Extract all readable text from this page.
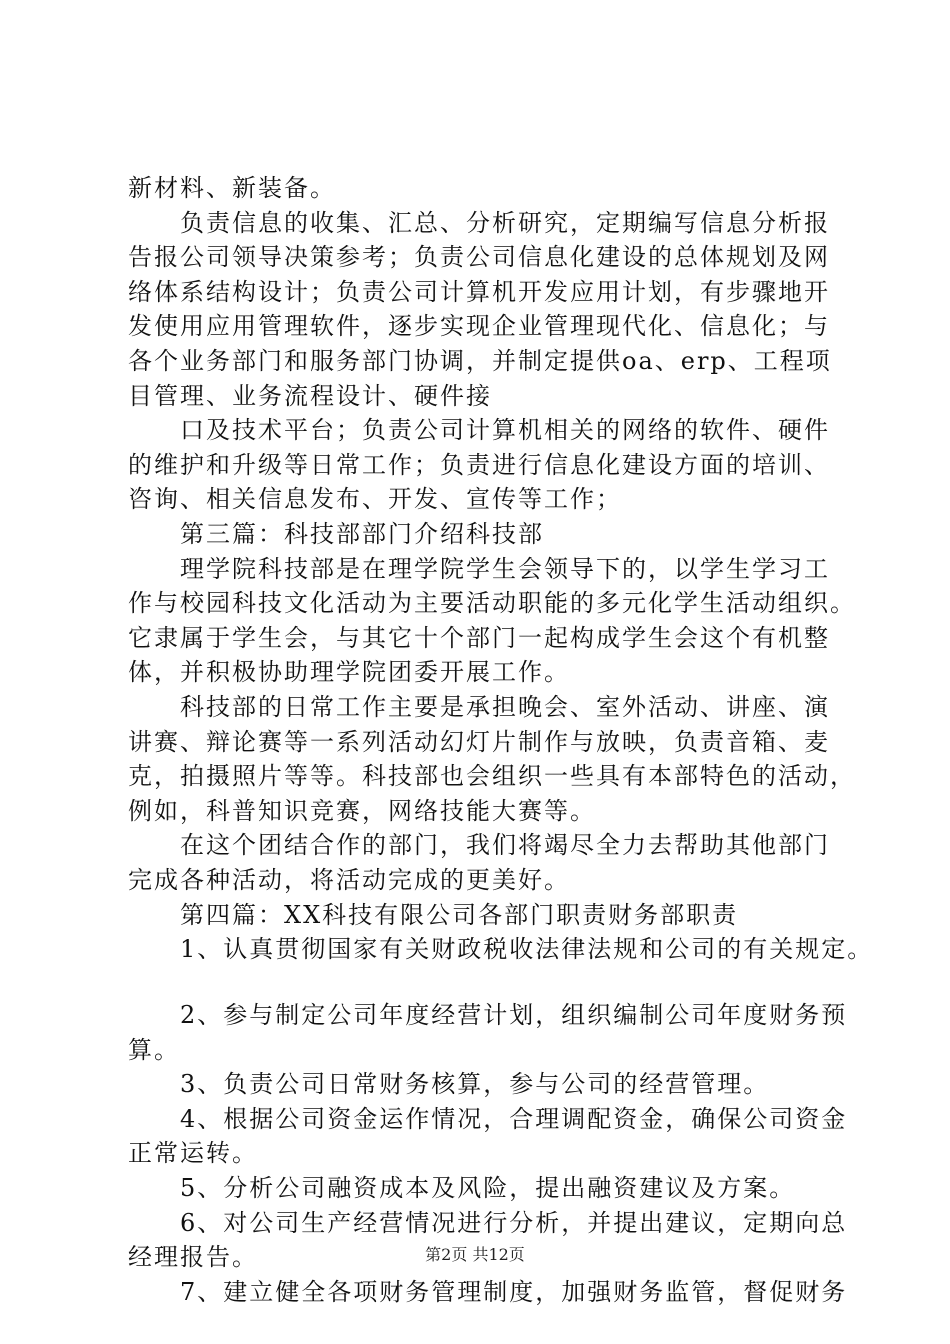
新材料、新装备。
负责信息的收集、汇总、分析研究，定期编写信息分析报
告报公司领导决策参考；负责公司信息化建设的总体规划及网
络体系结构设计；负责公司计算机开发应用计划，有步骤地开
发使用应用管理软件，逐步实现企业管理现代化、信息化；与
各个业务部门和服务部门协调，并制定提供oa、erp、工程项
目管理、业务流程设计、硬件接
口及技术平台；负责公司计算机相关的网络的软件、硬件
的维护和升级等日常工作；负责进行信息化建设方面的培训、
咨询、相关信息发布、开发、宣传等工作；
第三篇：科技部部门介绍科技部
理学院科技部是在理学院学生会领导下的，以学生学习工
作与校园科技文化活动为主要活动职能的多元化学生活动组织。
它隶属于学生会，与其它十个部门一起构成学生会这个有机整
体，并积极协助理学院团委开展工作。
科技部的日常工作主要是承担晚会、室外活动、讲座、演
讲赛、辩论赛等一系列活动幻灯片制作与放映，负责音箱、麦
克，拍摄照片等等。科技部也会组织一些具有本部特色的活动，
例如，科普知识竞赛，网络技能大赛等。
在这个团结合作的部门，我们将竭尽全力去帮助其他部门
完成各种活动，将活动完成的更美好。
第四篇：XX科技有限公司各部门职责财务部职责
1、认真贯彻国家有关财政税收法律法规和公司的有关规定。
2、参与制定公司年度经营计划，组织编制公司年度财务预
算。
3、负责公司日常财务核算，参与公司的经营管理。
4、根据公司资金运作情况，合理调配资金，确保公司资金
正常运转。
5、分析公司融资成本及风险，提出融资建议及方案。
6、对公司生产经营情况进行分析，并提出建议，定期向总
经理报告。
7、建立健全各项财务管理制度，加强财务监管，督促财务
第2页 共12页
